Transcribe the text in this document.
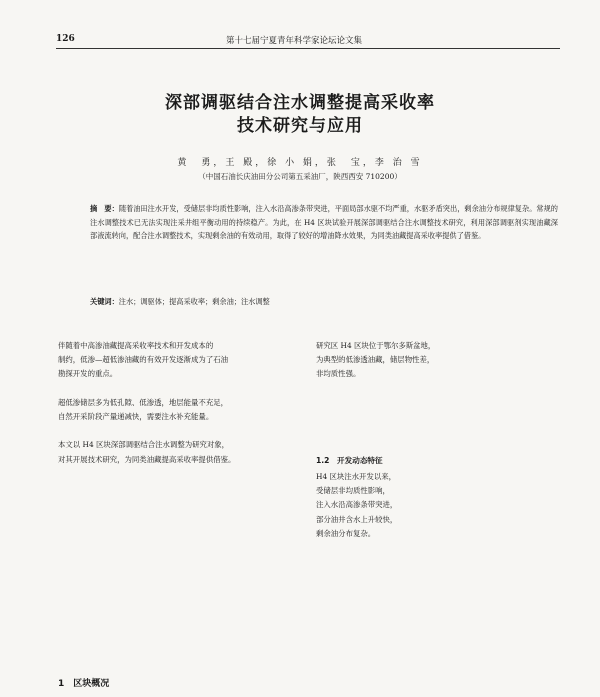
126	第十七届宁夏青年科学家论坛论文集
深部调驱结合注水调整提高采收率
技术研究与应用
黄　勇，王 殿，徐 小 娟，张　宝，李 治 雪
（中国石油长庆油田分公司第五采油厂，陕西西安 710200）
摘　要：随着油田注水开发，受储层非均质性影响，注入水沿高渗条带突进，平面局部水驱不均严重，水驱矛盾突出，剩余油分布规律复杂。常规的注水调整技术已无法实现注采井组平衡动用的持续稳产。为此，在 H4 区块试验开展深部调驱结合注水调整技术研究，利用深部调驱剂实现油藏深部液流转向，配合注水调整技术，实现剩余油的有效动用，取得了较好的增油降水效果，为同类油藏提高采收率提供了借鉴。
关键词：注水；调驱体；提高采收率；剩余油；注水调整
伴随着中高渗油藏提高采收率技术和开发成本的
制约，低渗—超低渗油藏的有效开发逐渐成为了石油
勘探开发的重点。
超低渗储层多为低孔隙、低渗透，地层能量不充足，
自然开采阶段产量递减快，需要注水补充能量。
本文以 H4 区块深部调驱结合注水调整为研究对象，
对其开展技术研究，为同类油藏提高采收率提供借鉴。
研究区 H4 区块位于鄂尔多斯盆地，
为典型的低渗透油藏，储层物性差，
非均质性强。
1.2　开发动态特征
H4 区块注水开发以来，
受储层非均质性影响，
注入水沿高渗条带突进，
部分油井含水上升较快，
剩余油分布复杂。
1　区块概况
